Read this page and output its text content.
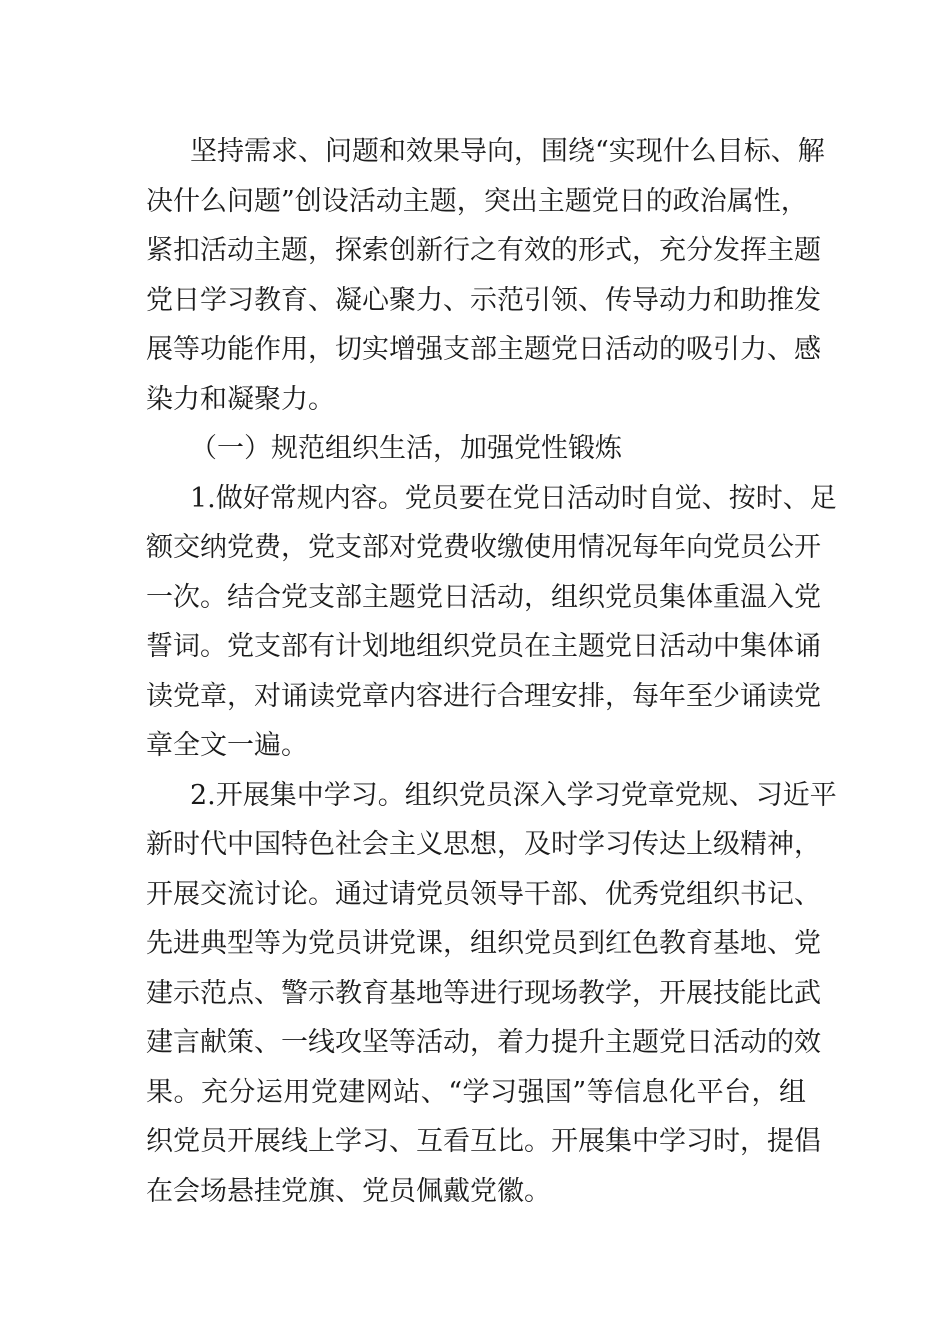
坚持需求、问题和效果导向，围绕“实现什么目标、解
决什么问题”创设活动主题，突出主题党日的政治属性，
紧扣活动主题，探索创新行之有效的形式，充分发挥主题
党日学习教育、凝心聚力、示范引领、传导动力和助推发
展等功能作用，切实增强支部主题党日活动的吸引力、感
染力和凝聚力。
（一）规范组织生活，加强党性锻炼
1.做好常规内容。党员要在党日活动时自觉、按时、足
额交纳党费，党支部对党费收缴使用情况每年向党员公开
一次。结合党支部主题党日活动，组织党员集体重温入党
誓词。党支部有计划地组织党员在主题党日活动中集体诵
读党章，对诵读党章内容进行合理安排，每年至少诵读党
章全文一遍。
2.开展集中学习。组织党员深入学习党章党规、习近平
新时代中国特色社会主义思想，及时学习传达上级精神，
开展交流讨论。通过请党员领导干部、优秀党组织书记、
先进典型等为党员讲党课，组织党员到红色教育基地、党
建示范点、警示教育基地等进行现场教学，开展技能比武
建言献策、一线攻坚等活动，着力提升主题党日活动的效
果。充分运用党建网站、“学习强国”等信息化平台，组
织党员开展线上学习、互看互比。开展集中学习时，提倡
在会场悬挂党旗、党员佩戴党徽。
